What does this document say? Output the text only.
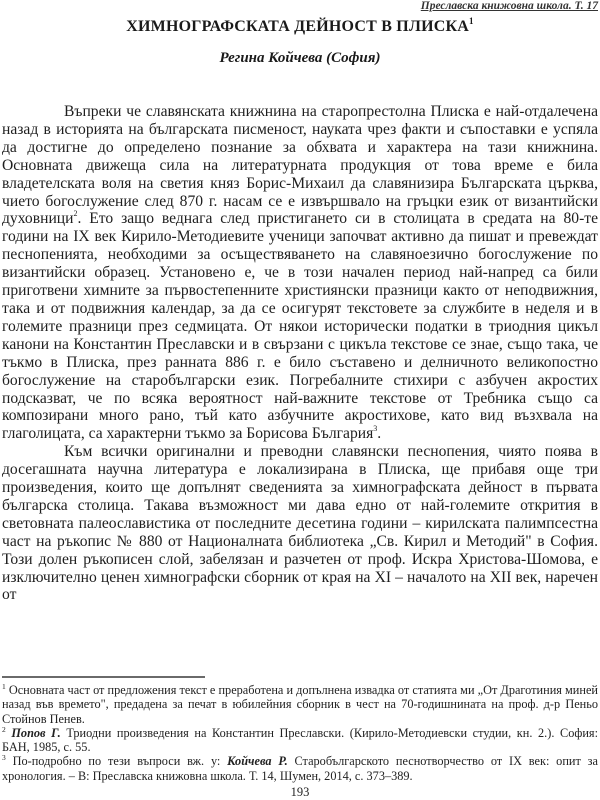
Преславска книжовна школа. Т. 17
ХИМНОГРАФСКАТА ДЕЙНОСТ В ПЛИСКА$^1$
Регина Койчева (София)

Въпреки че славянската книжнина на старопрестолна Плиска е най-отдалечена назад в историята на българската писменост, науката чрез факти и съпоставки е успяла да достигне до определено познание за обхвата и характера на тази книжнина. Основната движеща сила на литературната продукция от това време е била владетелската воля на светия княз Борис-Михаил да славянизира Българската църква, чието богослужение след 870 г. насам се е извършвало на гръцки език от византийски духовници$^2$. Ето защо веднага след пристигането си в столицата в средата на 80-те години на IX век Кирило-Методиевите ученици започват активно да пишат и превеждат песнопенията, необходими за осъществяването на славяноезично богослужение по византийски образец. Установено е, че в този начален период най-напред са били приготвени химните за първостепенните християнски празници както от неподвижния, така и от подвижния календар, за да се осигурят текстовете за службите в неделя и в големите празници през седмицата. От някои исторически податки в триодния цикъл канони на Константин Преславски и в свързани с цикъла текстове се знае, също така, че тъкмо в Плиска, през ранната 886 г. е било съставено и делничното великопостно богослужение на старобългарски език. Погребалните стихири с азбучен акростих подсказват, че по всяка вероятност най-важните текстове от Требника също са композирани много рано, тъй като азбучните акростихове, като вид възхвала на глаголицата, са характерни тъкмо за Борисова България$^3$.

Към всички оригинални и преводни славянски песнопения, чиято поява в досегашната научна литература е локализирана в Плиска, ще прибавя още три произведения, които ще допълнят сведенията за химнографската дейност в първата българска столица. Такава възможност ми дава едно от най-големите открития в световната палеославистика от последните десетина години – кирилската палимпсестна част на ръкопис № 880 от Националната библиотека „Св. Кирил и Методий" в София. Този долен ръкописен слой, забелязан и разчетен от проф. Искра Христова-Шомова, е изключително ценен химнографски сборник от края на XI – началото на XII век, наречен от

$^1$ Основната част от предложения текст е преработена и допълнена извадка от статията ми „От Драготиния миней назад във времето", предадена за печат в юбилейния сборник в чест на 70-годишнината на проф. д-р Пеньо Стойнов Пенев.

$^2$ Попов Г. Триодни произведения на Константин Преславски. (Кирило-Методиевски студии, кн. 2.). София: БАН, 1985, с. 55.

$^3$ По-подробно по тези въпроси вж. у: Койчева Р. Старобългарското песнотворчество от IX век: опит за хронология. – В: Преславска книжовна школа. Т. 14, Шумен, 2014, с. 373–389.

193
